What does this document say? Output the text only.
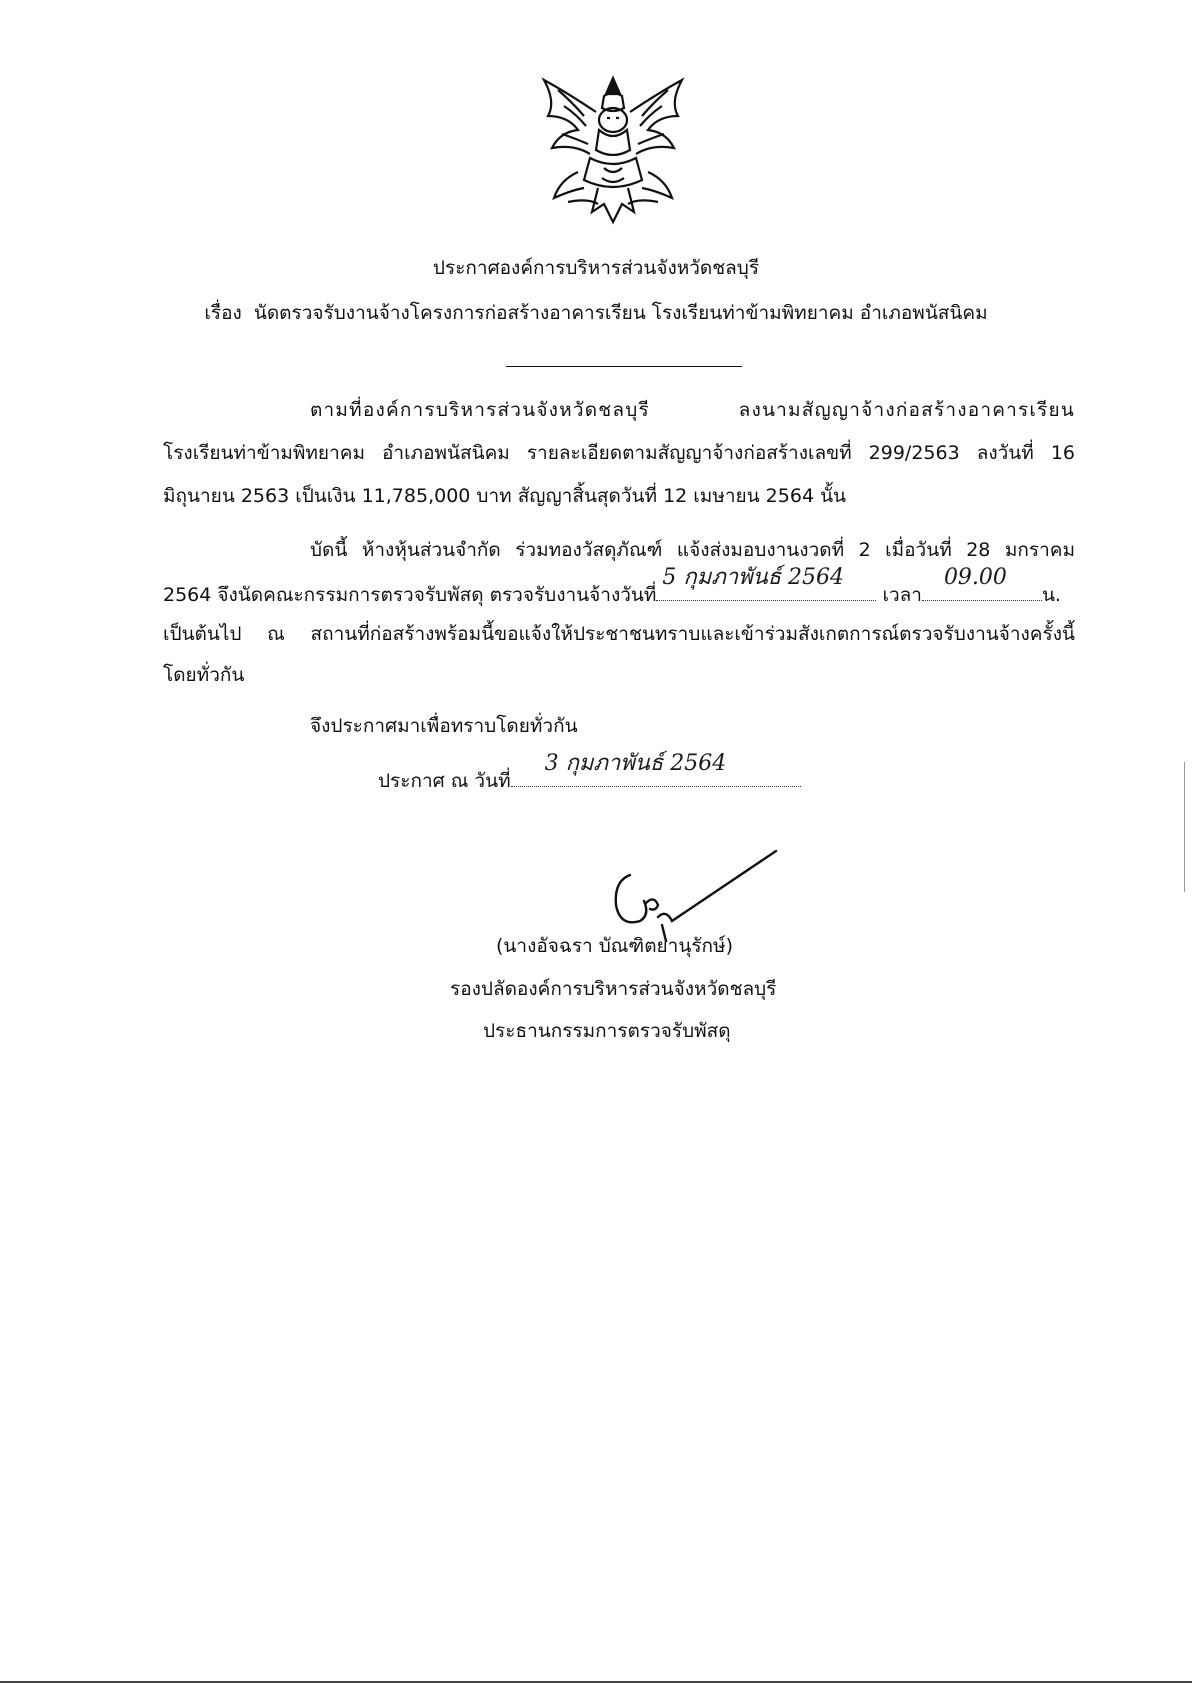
ประกาศองค์การบริหารส่วนจังหวัดชลบุรี
เรื่อง นัดตรวจรับงานจ้างโครงการก่อสร้างอาคารเรียน โรงเรียนท่าข้ามพิทยาคม อำเภอพนัสนิคม
ตามที่องค์การบริหารส่วนจังหวัดชลบุรี ลงนามสัญญาจ้างก่อสร้างอาคารเรียน
โรงเรียนท่าข้ามพิทยาคม อำเภอพนัสนิคม รายละเอียดตามสัญญาจ้างก่อสร้างเลขที่ 299/2563 ลงวันที่ 16
มิถุนายน 2563 เป็นเงิน 11,785,000 บาท สัญญาสิ้นสุดวันที่ 12 เมษายน 2564 นั้น
บัดนี้ ห้างหุ้นส่วนจำกัด ร่วมทองวัสดุภัณฑ์ แจ้งส่งมอบงานงวดที่ 2 เมื่อวันที่ 28 มกราคม
2564 จึงนัดคณะกรรมการตรวจรับพัสดุ ตรวจรับงานจ้างวันที่
5 กุมภาพันธ์ 2564
เวลา
09.00
น.
เป็นต้นไป ณ สถานที่ก่อสร้างพร้อมนี้ขอแจ้งให้ประชาชนทราบและเข้าร่วมสังเกตการณ์ตรวจรับงานจ้างครั้งนี้
โดยทั่วกัน
จึงประกาศมาเพื่อทราบโดยทั่วกัน
ประกาศ ณ วันที่
3 กุมภาพันธ์ 2564
(นางอัจฉรา บัณฑิตยานุรักษ์)
รองปลัดองค์การบริหารส่วนจังหวัดชลบุรี
ประธานกรรมการตรวจรับพัสดุ
